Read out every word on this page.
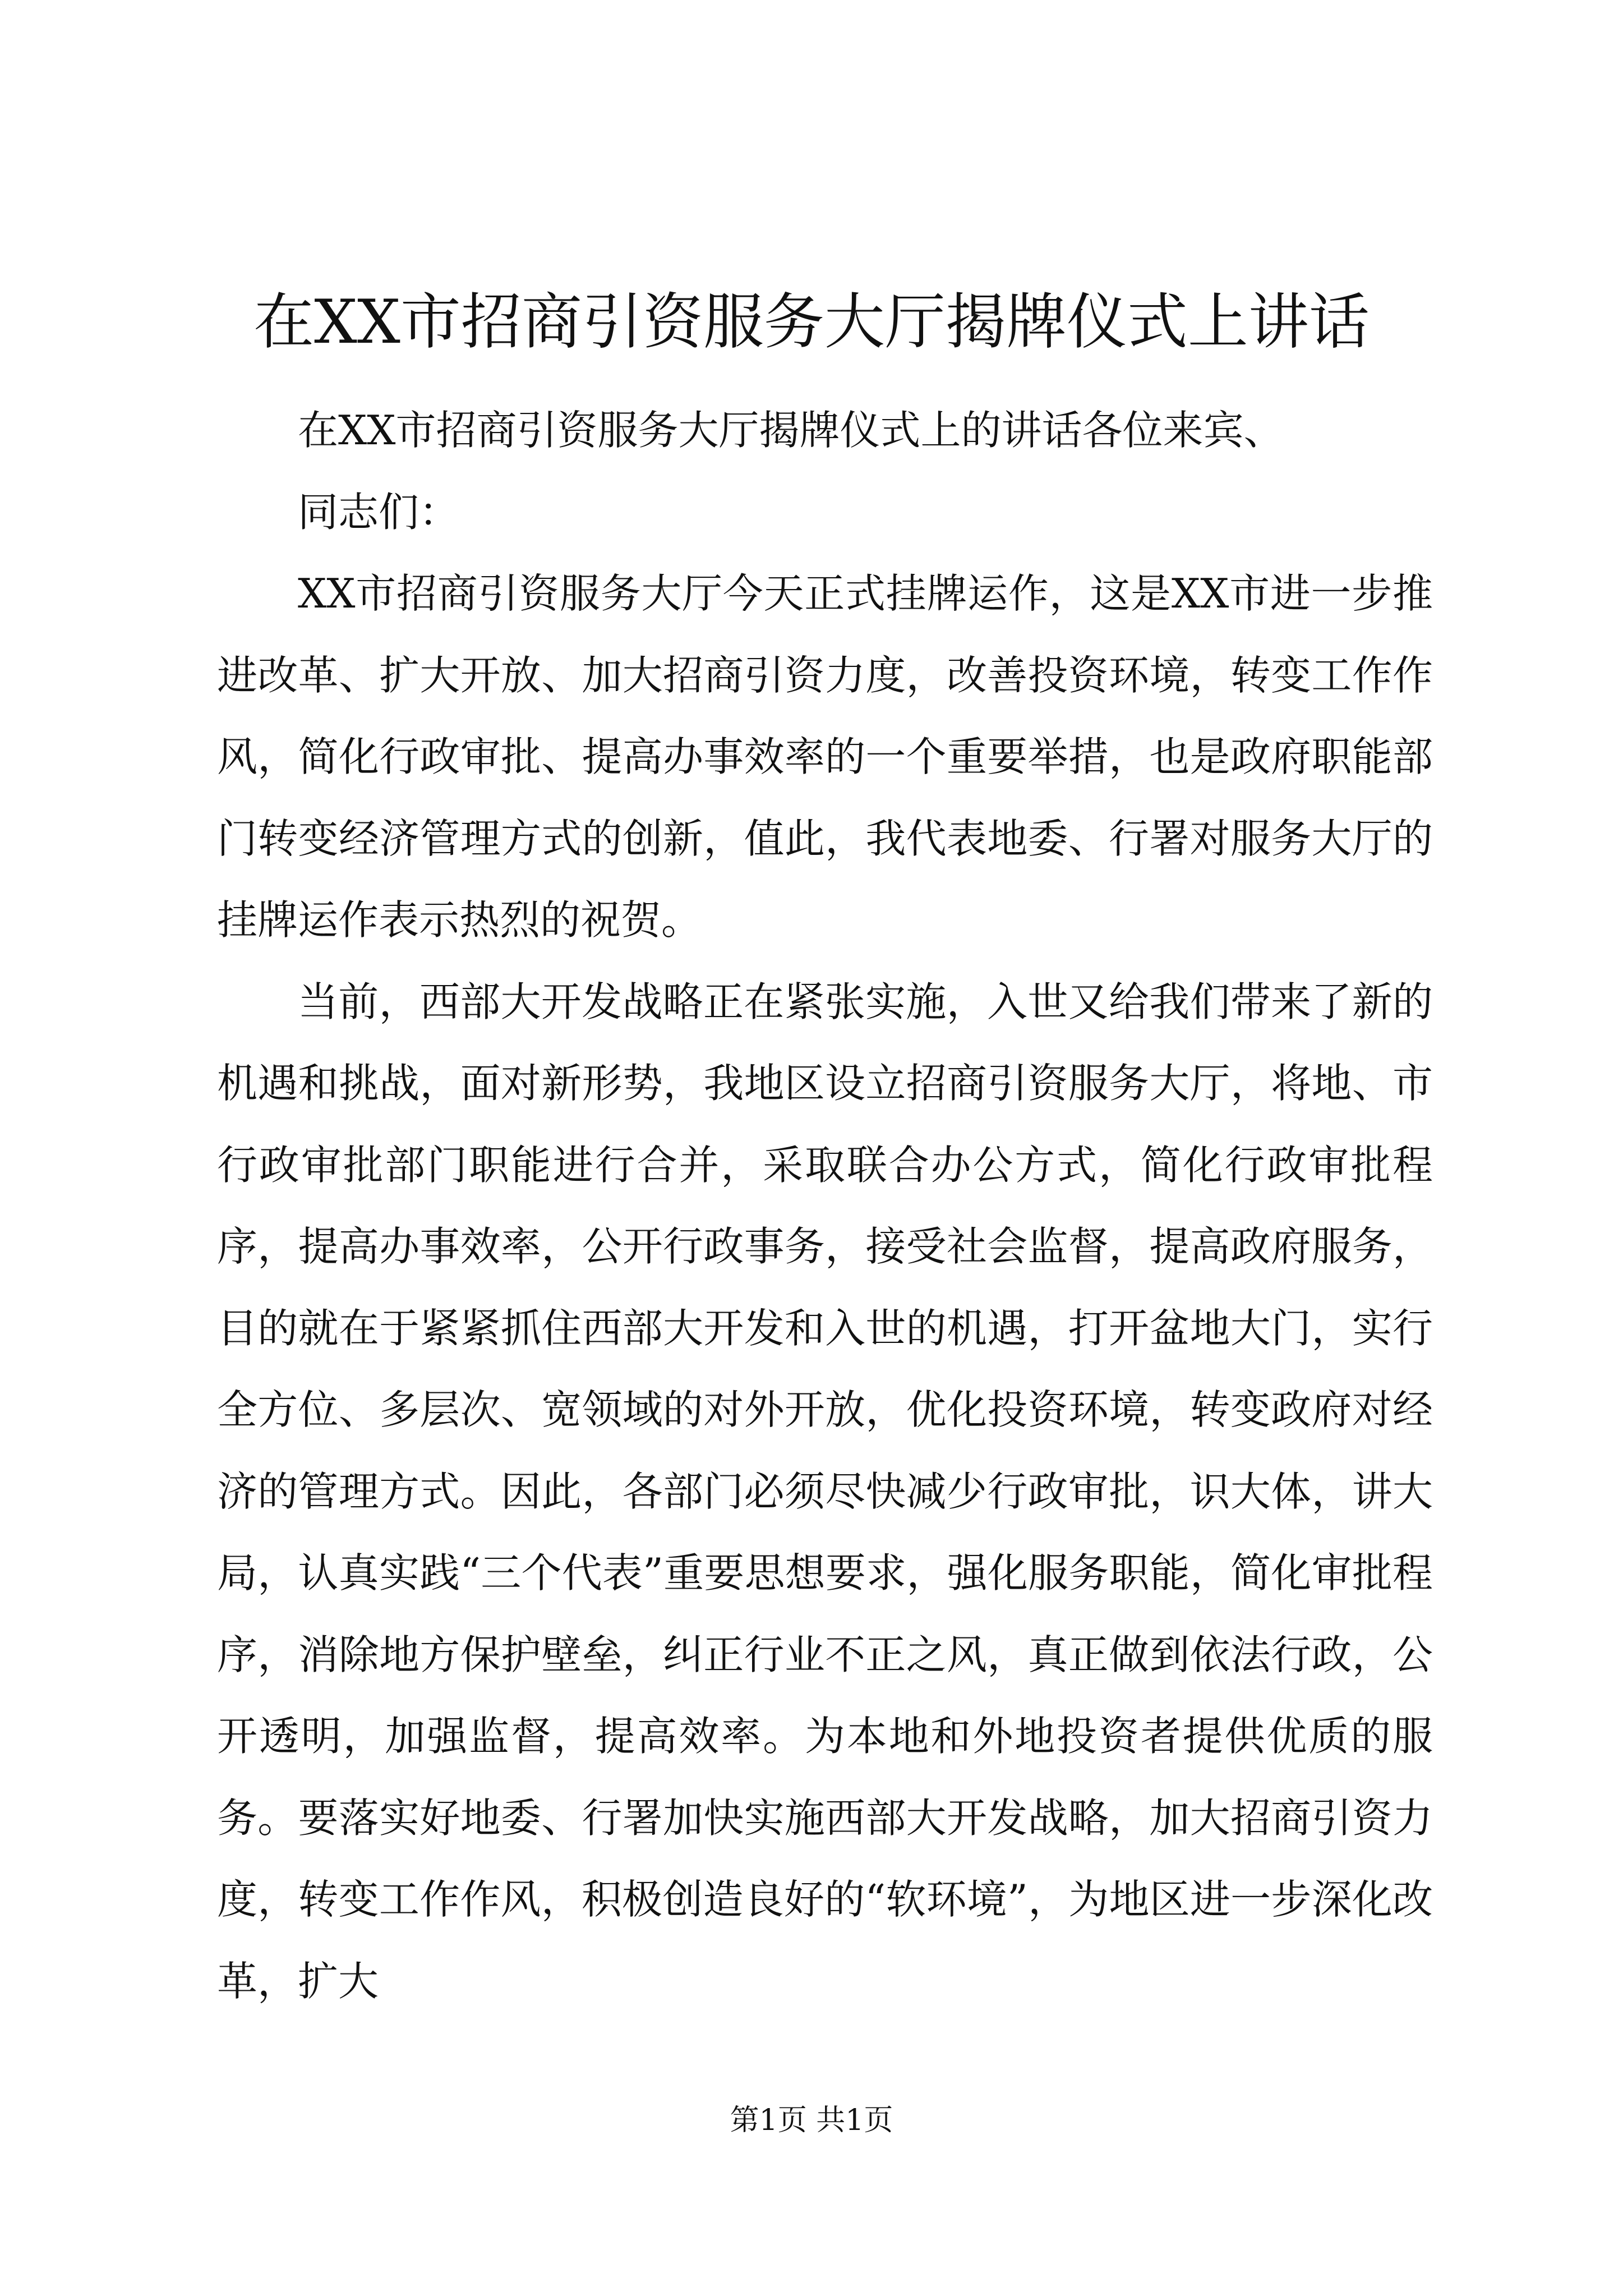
在XX市招商引资服务大厅揭牌仪式上讲话

在XX市招商引资服务大厅揭牌仪式上的讲话各位来宾、

同志们：

XX市招商引资服务大厅今天正式挂牌运作，这是XX市进一步推进改革、扩大开放、加大招商引资力度，改善投资环境，转变工作作风，简化行政审批、提高办事效率的一个重要举措，也是政府职能部门转变经济管理方式的创新，值此，我代表地委、行署对服务大厅的挂牌运作表示热烈的祝贺。

当前，西部大开发战略正在紧张实施，入世又给我们带来了新的机遇和挑战，面对新形势，我地区设立招商引资服务大厅，将地、市行政审批部门职能进行合并，采取联合办公方式，简化行政审批程序，提高办事效率，公开行政事务，接受社会监督，提高政府服务，目的就在于紧紧抓住西部大开发和入世的机遇，打开盆地大门，实行全方位、多层次、宽领域的对外开放，优化投资环境，转变政府对经济的管理方式。因此，各部门必须尽快减少行政审批，识大体，讲大局，认真实践“三个代表”重要思想要求，强化服务职能，简化审批程序，消除地方保护壁垒，纠正行业不正之风，真正做到依法行政，公开透明，加强监督，提高效率。为本地和外地投资者提供优质的服务。要落实好地委、行署加快实施西部大开发战略，加大招商引资力度，转变工作作风，积极创造良好的“软环境”，为地区进一步深化改革，扩大

第1页 共1页
